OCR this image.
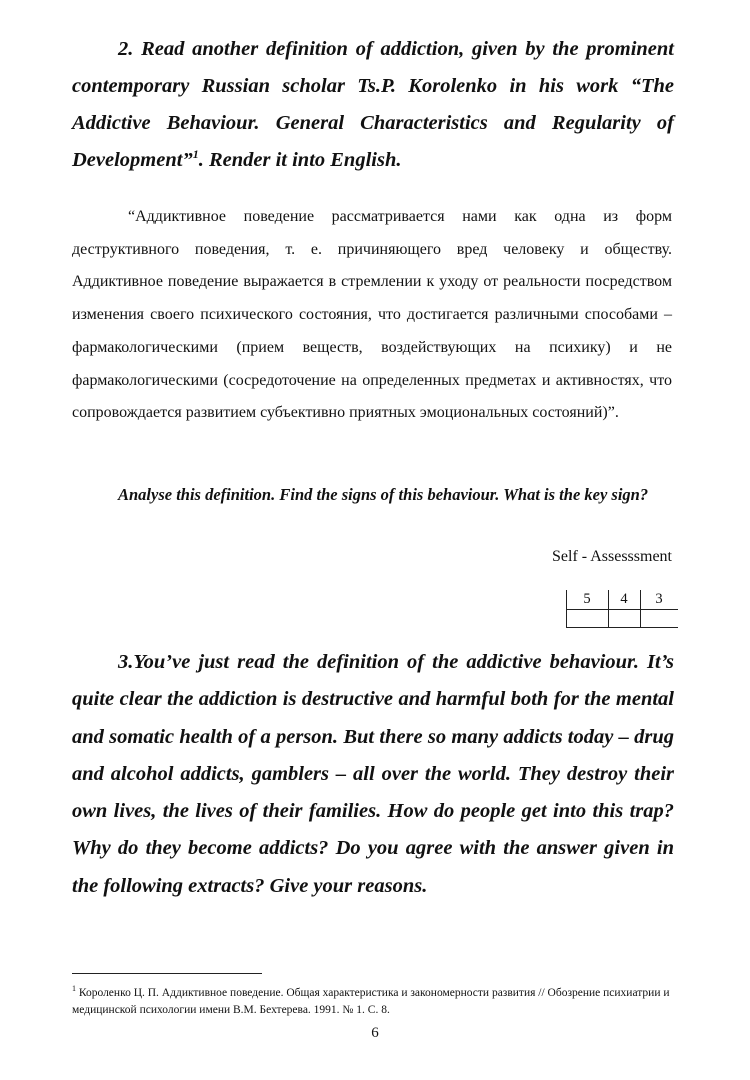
2. Read another definition of addiction, given by the prominent contemporary Russian scholar Ts.P. Korolenko in his work “The Addictive Behaviour. General Characteristics and Regularity of Development”$^1$. Render it into English.

“Аддиктивное поведение рассматривается нами как одна из форм деструктивного поведения, т. е. причиняющего вред человеку и обществу. Аддиктивное поведение выражается в стремлении к уходу от реальности посредством изменения своего психического состояния, что достигается различными способами – фармакологическими (прием веществ, воздействующих на психику) и не фармакологическими (сосредоточение на определенных предметах и активностях, что сопровождается развитием субъективно приятных эмоциональных состояний)”.

Analyse this definition. Find the signs of this behaviour. What is the key sign?

Self - Assesssment

5	4	3

3.You’ve just read the definition of the addictive behaviour. It’s quite clear the addiction is destructive and harmful both for the mental and somatic health of a person. But there so many addicts today – drug and alcohol addicts, gamblers – all over the world. They destroy their own lives, the lives of their families. How do people get into this trap? Why do they become addicts? Do you agree with the answer given in the following extracts? Give your reasons.

$^1$ Короленко Ц. П. Аддиктивное поведение. Общая характеристика и закономерности развития // Обозрение психиатрии и медицинской психологии имени В.М. Бехтерева. 1991. № 1. С. 8.

6
